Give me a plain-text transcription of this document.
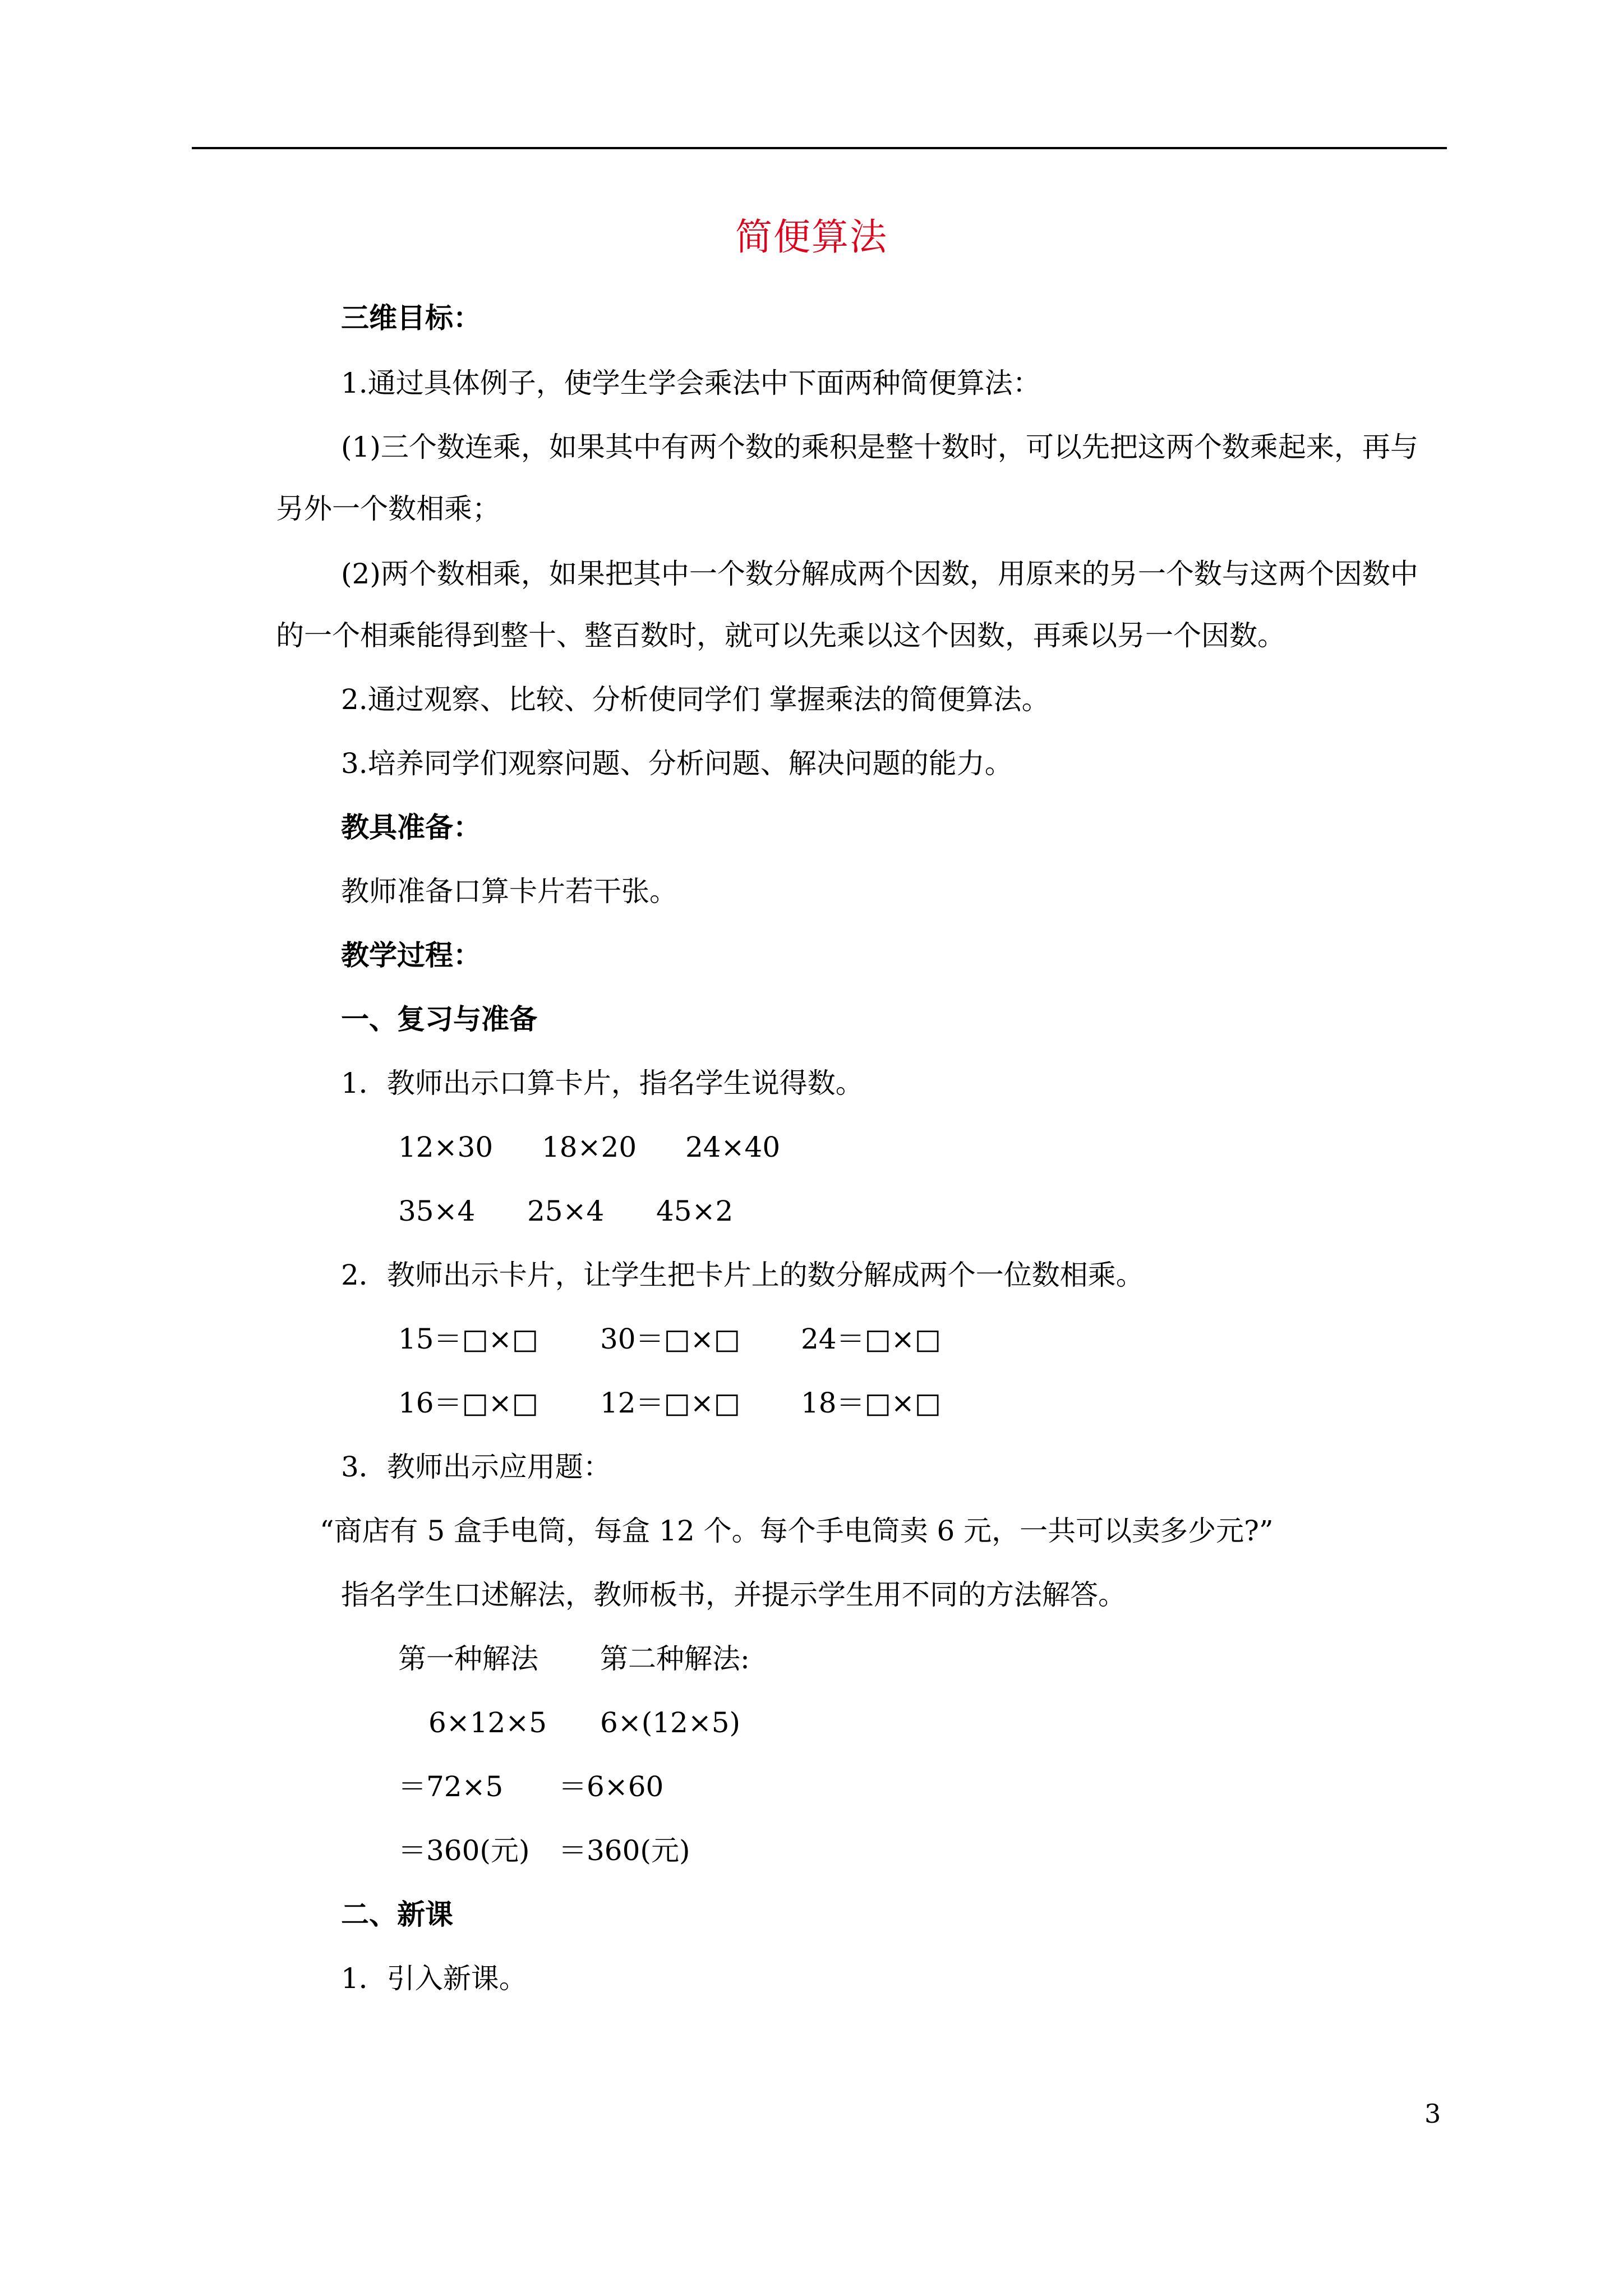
简便算法
三维目标：
1.通过具体例子，使学生学会乘法中下面两种简便算法：
(1)三个数连乘，如果其中有两个数的乘积是整十数时，可以先把这两个数乘起来，再与
另外一个数相乘；
(2)两个数相乘，如果把其中一个数分解成两个因数，用原来的另一个数与这两个因数中
的一个相乘能得到整十、整百数时，就可以先乘以这个因数，再乘以另一个因数。
2.通过观察、比较、分析使同学们 掌握乘法的简便算法。
3.培养同学们观察问题、分析问题、解决问题的能力。
教具准备：
教师准备口算卡片若干张。
教学过程：
一、复习与准备
1．教师出示口算卡片，指名学生说得数。
12×30 18×20 24×40
35×4 25×4 45×2
2．教师出示卡片，让学生把卡片上的数分解成两个一位数相乘。
15＝□×□ 30＝□×□ 24＝□×□
16＝□×□ 12＝□×□ 18＝□×□
3．教师出示应用题：
“商店有 5 盒手电筒，每盒 12 个。每个手电筒卖 6 元，一共可以卖多少元?”
指名学生口述解法，教师板书，并提示学生用不同的方法解答。
第一种解法 第二种解法:
6×12×5 6×(12×5)
＝72×5 ＝6×60
＝360(元) ＝360(元)
二、新课
1．引入新课。
3
